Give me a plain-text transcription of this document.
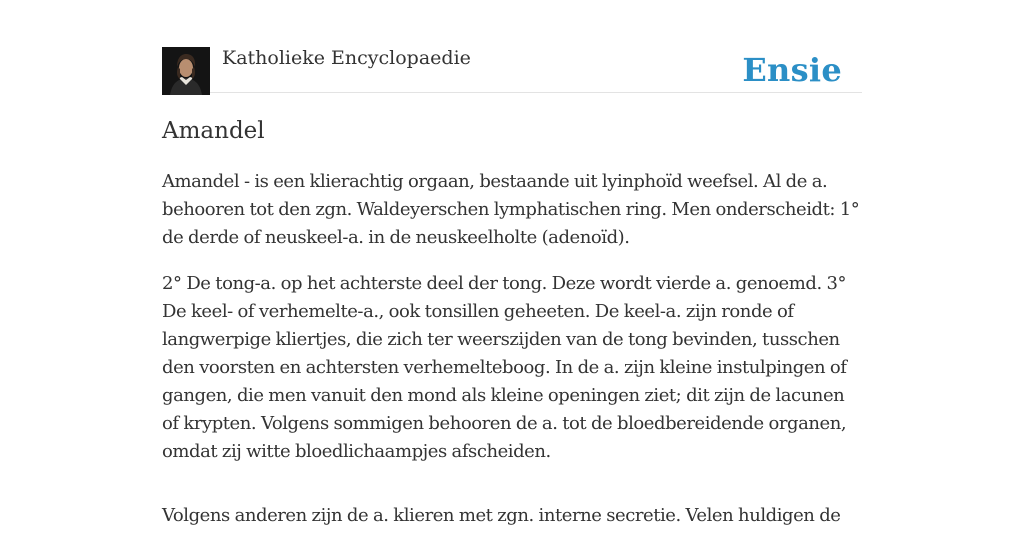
Katholieke Encyclopaedie	Ensie
Amandel

Amandel - is een klierachtig orgaan, bestaande uit lyinphoïd weefsel. Al de a. behooren tot den zgn. Waldeyerschen lymphatischen ring. Men onderscheidt: 1° de derde of neuskeel-a. in de neuskeelholte (adenoïd).

2° De tong-a. op het achterste deel der tong. Deze wordt vierde a. genoemd. 3° De keel- of verhemelte-a., ook tonsillen geheeten. De keel-a. zijn ronde of langwerpige kliertjes, die zich ter weerszijden van de tong bevinden, tusschen den voorsten en achtersten verhemelteboog. In de a. zijn kleine instulpingen of gangen, die men vanuit den mond als kleine openingen ziet; dit zijn de lacunen of krypten. Volgens sommigen behooren de a. tot de bloedbereidende organen, omdat zij witte bloedlichaampjes afscheiden.

Volgens anderen zijn de a. klieren met zgn. interne secretie. Velen huldigen de
